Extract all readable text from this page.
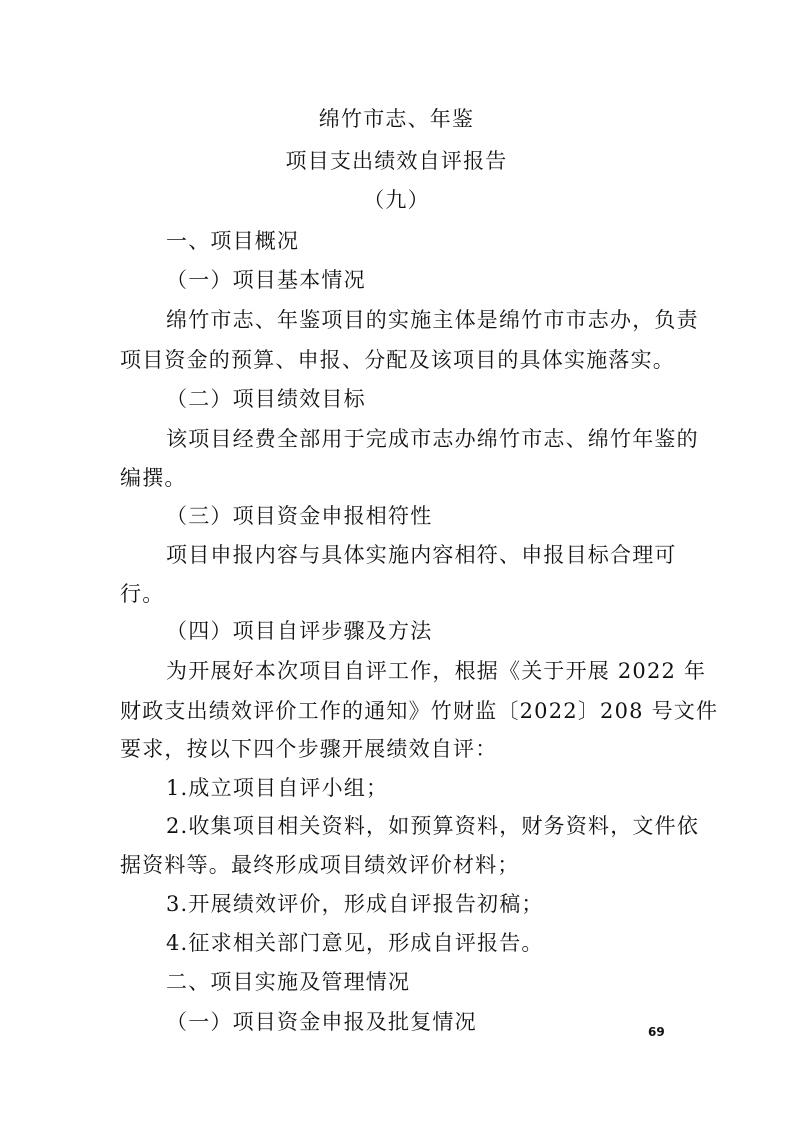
绵竹市志、年鉴
项目支出绩效自评报告
（九）
一、项目概况
（一）项目基本情况
绵竹市志、年鉴项目的实施主体是绵竹市市志办，负责
项目资金的预算、申报、分配及该项目的具体实施落实。
（二）项目绩效目标
该项目经费全部用于完成市志办绵竹市志、绵竹年鉴的
编撰。
（三）项目资金申报相符性
项目申报内容与具体实施内容相符、申报目标合理可
行。
（四）项目自评步骤及方法
为开展好本次项目自评工作，根据《关于开展 2022 年
财政支出绩效评价工作的通知》竹财监〔2022〕208 号文件
要求，按以下四个步骤开展绩效自评：
1.成立项目自评小组；
2.收集项目相关资料，如预算资料，财务资料，文件依
据资料等。最终形成项目绩效评价材料；
3.开展绩效评价，形成自评报告初稿；
4.征求相关部门意见，形成自评报告。
二、项目实施及管理情况
（一）项目资金申报及批复情况	69
